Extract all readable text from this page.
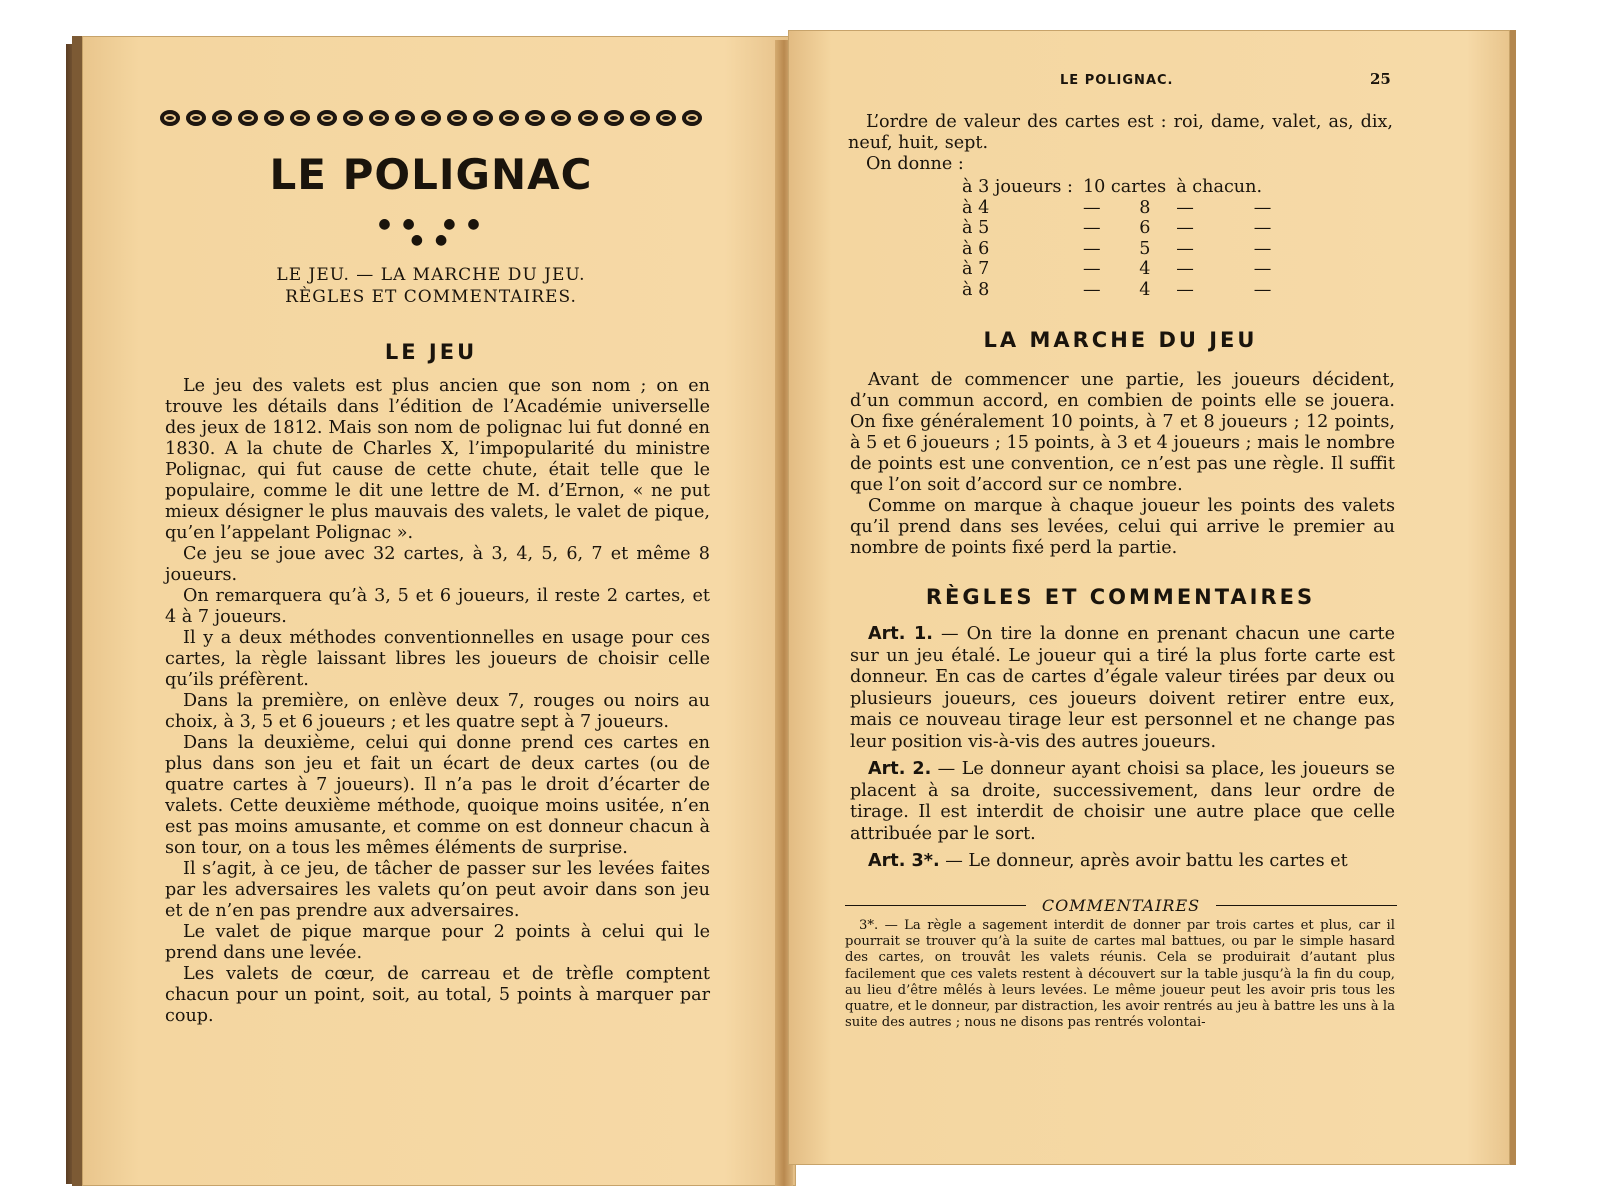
LE POLIGNAC
●● ●● ●●
LE JEU. — LA MARCHE DU JEU.
RÈGLES ET COMMENTAIRES.
LE JEU

Le jeu des valets est plus ancien que son nom ; on en trouve les détails dans l’édition de l’Académie universelle des jeux de 1812. Mais son nom de polignac lui fut donné en 1830. A la chute de Charles X, l’impopularité du ministre Polignac, qui fut cause de cette chute, était telle que le populaire, comme le dit une lettre de M. d’Ernon, « ne put mieux désigner le plus mauvais des valets, le valet de pique, qu’en l’appelant Polignac ».

Ce jeu se joue avec 32 cartes, à 3, 4, 5, 6, 7 et même 8 joueurs.

On remarquera qu’à 3, 5 et 6 joueurs, il reste 2 cartes, et 4 à 7 joueurs.

Il y a deux méthodes conventionnelles en usage pour ces cartes, la règle laissant libres les joueurs de choisir celle qu’ils préfèrent.

Dans la première, on enlève deux 7, rouges ou noirs au choix, à 3, 5 et 6 joueurs ; et les quatre sept à 7 joueurs.

Dans la deuxième, celui qui donne prend ces cartes en plus dans son jeu et fait un écart de deux cartes (ou de quatre cartes à 7 joueurs). Il n’a pas le droit d’écarter de valets. Cette deuxième méthode, quoique moins usitée, n’en est pas moins amusante, et comme on est donneur chacun à son tour, on a tous les mêmes éléments de surprise.

Il s’agit, à ce jeu, de tâcher de passer sur les levées faites par les adversaires les valets qu’on peut avoir dans son jeu et de n’en pas prendre aux adversaires.

Le valet de pique marque pour 2 points à celui qui le prend dans une levée.

Les valets de cœur, de carreau et de trèfle comptent chacun pour un point, soit, au total, 5 points à marquer par coup.

LE POLIGNAC.	25

L’ordre de valeur des cartes est : roi, dame, valet, as, dix, neuf, huit, sept.

On donne :

à 3 joueurs :	10 cartes		à chacun.	
à 4	—	8	—	—
à 5	—	6	—	—
à 6	—	5	—	—
à 7	—	4	—	—
à 8	—	4	—	—
LA MARCHE DU JEU

Avant de commencer une partie, les joueurs décident, d’un commun accord, en combien de points elle se jouera. On fixe généralement 10 points, à 7 et 8 joueurs ; 12 points, à 5 et 6 joueurs ; 15 points, à 3 et 4 joueurs ; mais le nombre de points est une convention, ce n’est pas une règle. Il suffit que l’on soit d’accord sur ce nombre.

Comme on marque à chaque joueur les points des valets qu’il prend dans ses levées, celui qui arrive le premier au nombre de points fixé perd la partie.

RÈGLES ET COMMENTAIRES

Art. 1. — On tire la donne en prenant chacun une carte sur un jeu étalé. Le joueur qui a tiré la plus forte carte est donneur. En cas de cartes d’égale valeur tirées par deux ou plusieurs joueurs, ces joueurs doivent retirer entre eux, mais ce nouveau tirage leur est personnel et ne change pas leur position vis-à-vis des autres joueurs.

Art. 2. — Le donneur ayant choisi sa place, les joueurs se placent à sa droite, successivement, dans leur ordre de tirage. Il est interdit de choisir une autre place que celle attribuée par le sort.

Art. 3*. — Le donneur, après avoir battu les cartes et

COMMENTAIRES

3*. — La règle a sagement interdit de donner par trois cartes et plus, car il pourrait se trouver qu’à la suite de cartes mal battues, ou par le simple hasard des cartes, on trouvât les valets réunis. Cela se produirait d’autant plus facilement que ces valets restent à découvert sur la table jusqu’à la fin du coup, au lieu d’être mêlés à leurs levées. Le même joueur peut les avoir pris tous les quatre, et le donneur, par distraction, les avoir rentrés au jeu à battre les uns à la suite des autres ; nous ne disons pas rentrés volontai-
